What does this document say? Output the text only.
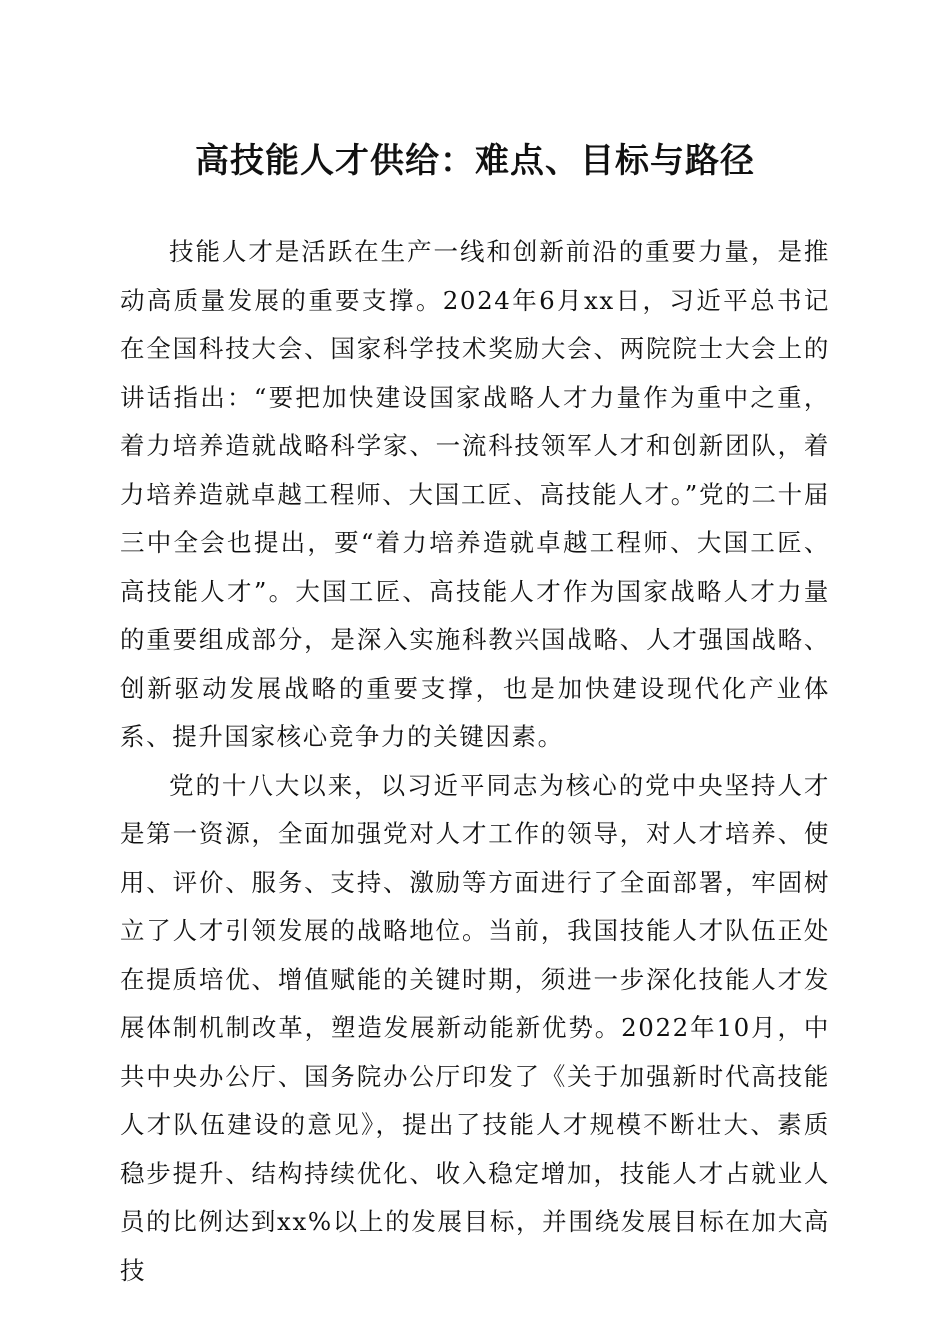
高技能人才供给：难点、目标与路径

技能人才是活跃在生产一线和创新前沿的重要力量，是推动高质量发展的重要支撑。2024年6月xx日，习近平总书记在全国科技大会、国家科学技术奖励大会、两院院士大会上的讲话指出：“要把加快建设国家战略人才力量作为重中之重，着力培养造就战略科学家、一流科技领军人才和创新团队，着力培养造就卓越工程师、大国工匠、高技能人才。”党的二十届三中全会也提出，要“着力培养造就卓越工程师、大国工匠、高技能人才”。大国工匠、高技能人才作为国家战略人才力量的重要组成部分，是深入实施科教兴国战略、人才强国战略、创新驱动发展战略的重要支撑，也是加快建设现代化产业体系、提升国家核心竞争力的关键因素。

党的十八大以来，以习近平同志为核心的党中央坚持人才是第一资源，全面加强党对人才工作的领导，对人才培养、使用、评价、服务、支持、激励等方面进行了全面部署，牢固树立了人才引领发展的战略地位。当前，我国技能人才队伍正处在提质培优、增值赋能的关键时期，须进一步深化技能人才发展体制机制改革，塑造发展新动能新优势。2022年10月，中共中央办公厅、国务院办公厅印发了《关于加强新时代高技能人才队伍建设的意见》，提出了技能人才规模不断壮大、素质稳步提升、结构持续优化、收入稳定增加，技能人才占就业人员的比例达到xx%以上的发展目标，并围绕发展目标在加大高技
